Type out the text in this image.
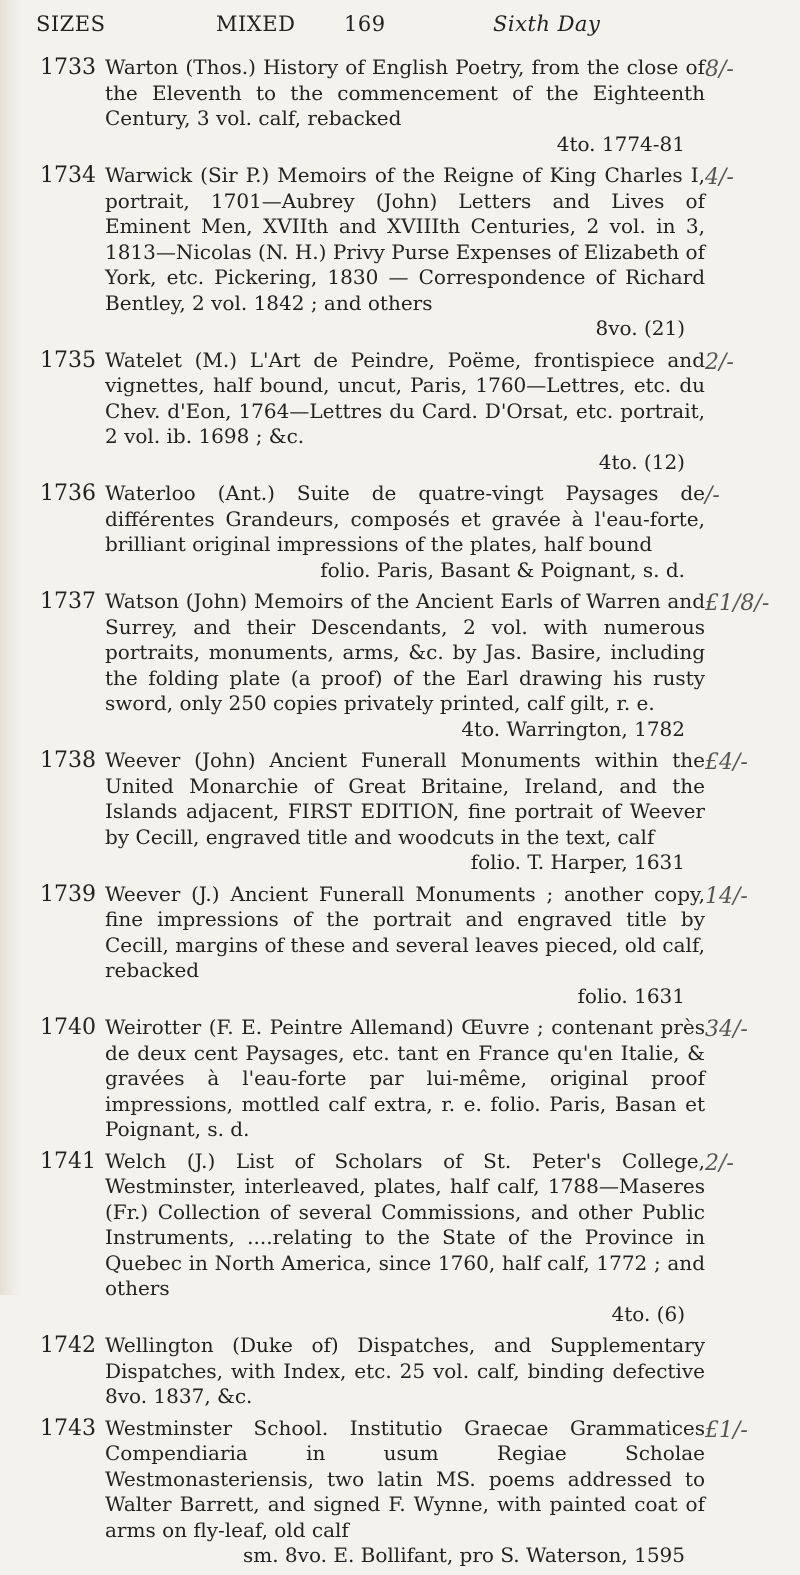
SIZES	MIXED 169	Sixth Day
1733 Warton (Thos.) History of English Poetry, from the close of the Eleventh to the commencement of the Eighteenth Century, 3 vol. calf, rebacked
4to. 1774-81
8/-
1734 Warwick (Sir P.) Memoirs of the Reigne of King Charles I, portrait, 1701—Aubrey (John) Letters and Lives of Eminent Men, XVIIth and XVIIIth Centuries, 2 vol. in 3, 1813—Nicolas (N. H.) Privy Purse Expenses of Elizabeth of York, etc. Pickering, 1830 — Correspondence of Richard Bentley, 2 vol. 1842 ; and others
8vo. (21)
4/-
1735 Watelet (M.) L'Art de Peindre, Poëme, frontispiece and vignettes, half bound, uncut, Paris, 1760—Lettres, etc. du Chev. d'Eon, 1764—Lettres du Card. D'Orsat, etc. portrait, 2 vol. ib. 1698 ; &c.
4to. (12)
2/-
1736 Waterloo (Ant.) Suite de quatre-vingt Paysages de différentes Grandeurs, composés et gravée à l'eau-forte, brilliant original impressions of the plates, half bound
folio. Paris, Basant & Poignant, s. d.
/-
1737 Watson (John) Memoirs of the Ancient Earls of Warren and Surrey, and their Descendants, 2 vol. with numerous portraits, monuments, arms, &c. by Jas. Basire, including the folding plate (a proof) of the Earl drawing his rusty sword, only 250 copies privately printed, calf gilt, r. e.
4to. Warrington, 1782
£1/8/-
1738 Weever (John) Ancient Funerall Monuments within the United Monarchie of Great Britaine, Ireland, and the Islands adjacent, FIRST EDITION, fine portrait of Weever by Cecill, engraved title and woodcuts in the text, calf
folio. T. Harper, 1631
£4/-
1739 Weever (J.) Ancient Funerall Monuments ; another copy, fine impressions of the portrait and engraved title by Cecill, margins of these and several leaves pieced, old calf, rebacked
folio. 1631
14/-
1740 Weirotter (F. E. Peintre Allemand) Œuvre ; contenant près de deux cent Paysages, etc. tant en France qu'en Italie, & gravées à l'eau-forte par lui-même, original proof impressions, mottled calf extra, r. e. folio. Paris, Basan et Poignant, s. d.
34/-
1741 Welch (J.) List of Scholars of St. Peter's College, Westminster, interleaved, plates, half calf, 1788—Maseres (Fr.) Collection of several Commissions, and other Public Instruments, ....relating to the State of the Province in Quebec in North America, since 1760, half calf, 1772 ; and others
4to. (6)
2/-
1742 Wellington (Duke of) Dispatches, and Supplementary Dispatches, with Index, etc. 25 vol. calf, binding defective 8vo. 1837, &c.
1743 Westminster School. Institutio Graecae Grammatices Compendiaria in usum Regiae Scholae Westmonasteriensis, two latin MS. poems addressed to Walter Barrett, and signed F. Wynne, with painted coat of arms on fly-leaf, old calf
sm. 8vo. E. Bollifant, pro S. Waterson, 1595
£1/-
